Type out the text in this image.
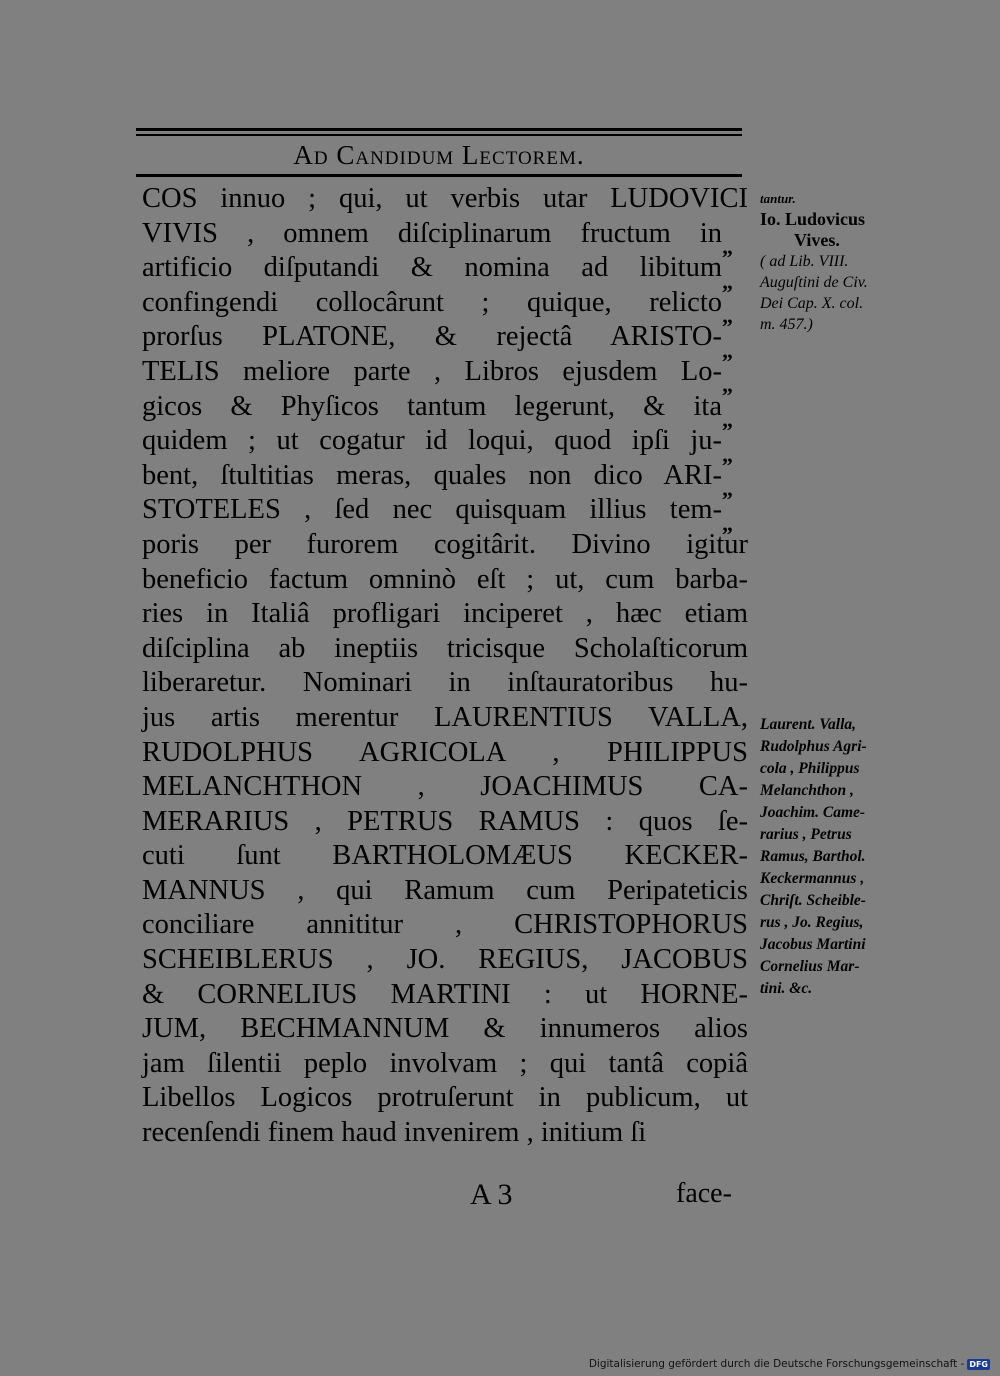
Ad Candidum Lectorem.
COS innuo ; qui, ut verbis utar LUDOVICI
VIVIS , omnem diſciplinarum fructum in
artificio diſputandi & nomina ad libitum
confingendi collocârunt ; quique, relicto
prorſus PLATONE, & rejectâ ARISTO-
TELIS meliore parte , Libros ejusdem Lo-
gicos & Phyſicos tantum legerunt, & ita
quidem ; ut cogatur id loqui, quod ipſi ju-
bent, ſtultitias meras, quales non dico ARI-
STOTELES , ſed nec quisquam illius tem-
poris per furorem cogitârit. Divino igitur
beneficio factum omninò eſt ; ut, cum barba-
ries in Italiâ profligari inciperet , hæc etiam
diſciplina ab ineptiis tricisque Scholaſticorum
liberaretur. Nominari in inſtauratoribus hu-
jus artis merentur LAURENTIUS VALLA,
RUDOLPHUS AGRICOLA , PHILIPPUS
MELANCHTHON , JOACHIMUS CA-
MERARIUS , PETRUS RAMUS : quos ſe-
cuti ſunt BARTHOLOMÆUS KECKER-
MANNUS , qui Ramum cum Peripateticis
conciliare annititur , CHRISTOPHORUS
SCHEIBLERUS , JO. REGIUS, JACOBUS
& CORNELIUS MARTINI : ut HORNE-
JUM, BECHMANNUM & innumeros alios
jam ſilentii peplo involvam ; qui tantâ copiâ
Libellos Logicos protruſerunt in publicum, ut
recenſendi finem haud invenirem , initium ſi
„
„
„
„
„
„
„
„
„
tantur.
Io. Ludovicus
Vives.
( ad Lib. VIII.
Auguſtini de Civ.
Dei Cap. X. col.
m. 457.)
Laurent. Valla,
Rudolphus Agri-
cola , Philippus
Melanchthon ,
Joachim. Came-
rarius , Petrus
Ramus, Barthol.
Keckermannus ,
Chriſt. Scheible-
rus , Jo. Regius,
Jacobus Martini
Cornelius Mar-
tini. &c.
A 3	face-
Digitalisierung gefördert durch die Deutsche Forschungsgemeinschaft - DFG
